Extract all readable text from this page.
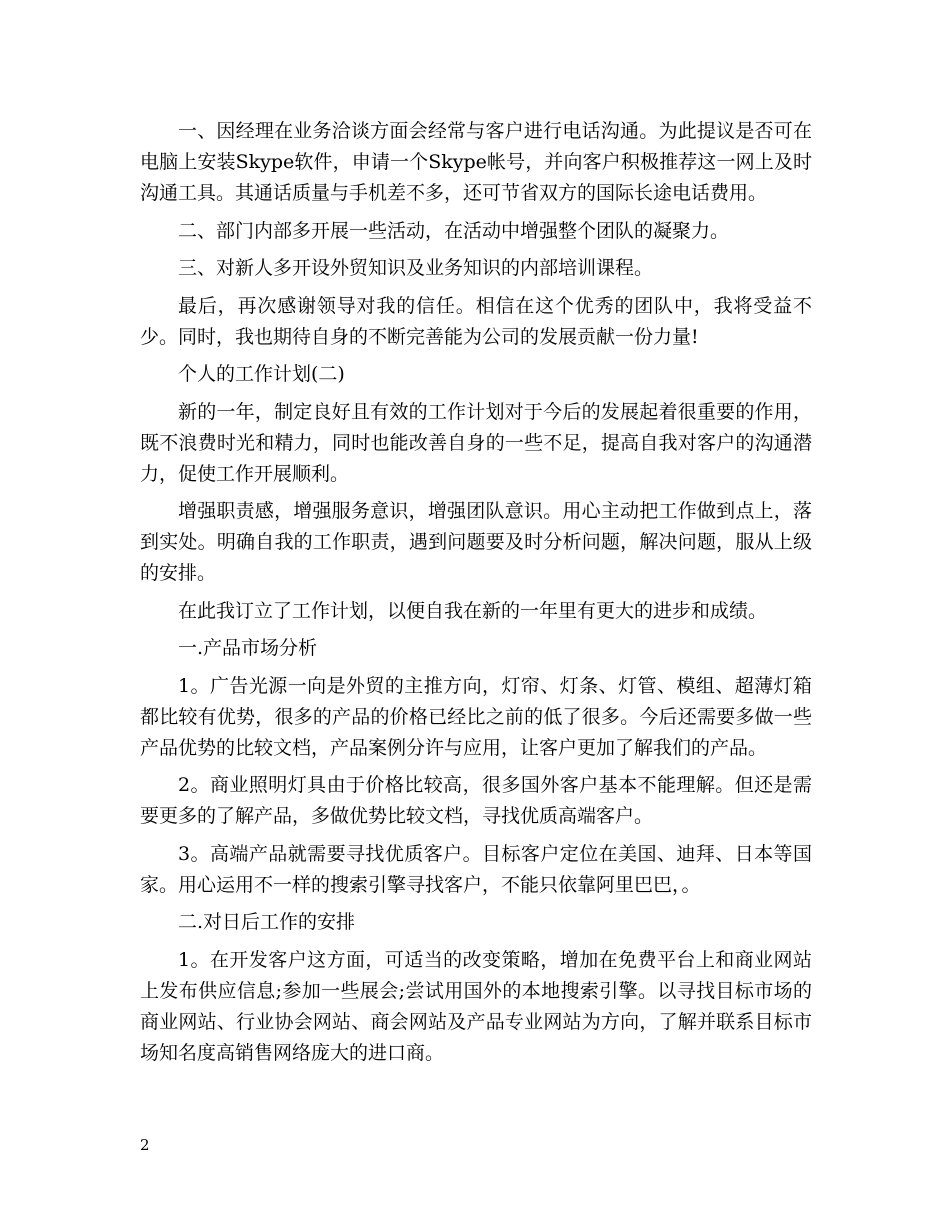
一、因经理在业务洽谈方面会经常与客户进行电话沟通。为此提议是否可在电脑上安装Skype软件，申请一个Skype帐号，并向客户积极推荐这一网上及时沟通工具。其通话质量与手机差不多，还可节省双方的国际长途电话费用。

二、部门内部多开展一些活动，在活动中增强整个团队的凝聚力。

三、对新人多开设外贸知识及业务知识的内部培训课程。

最后，再次感谢领导对我的信任。相信在这个优秀的团队中，我将受益不少。同时，我也期待自身的不断完善能为公司的发展贡献一份力量!

个人的工作计划(二)

新的一年，制定良好且有效的工作计划对于今后的发展起着很重要的作用，既不浪费时光和精力，同时也能改善自身的一些不足，提高自我对客户的沟通潜力，促使工作开展顺利。

增强职责感，增强服务意识，增强团队意识。用心主动把工作做到点上，落到实处。明确自我的工作职责，遇到问题要及时分析问题，解决问题，服从上级的安排。

在此我订立了工作计划，以便自我在新的一年里有更大的进步和成绩。

一.产品市场分析

1。广告光源一向是外贸的主推方向，灯帘、灯条、灯管、模组、超薄灯箱都比较有优势，很多的产品的价格已经比之前的低了很多。今后还需要多做一些产品优势的比较文档，产品案例分许与应用，让客户更加了解我们的产品。

2。商业照明灯具由于价格比较高，很多国外客户基本不能理解。但还是需要更多的了解产品，多做优势比较文档，寻找优质高端客户。

3。高端产品就需要寻找优质客户。目标客户定位在美国、迪拜、日本等国家。用心运用不一样的搜索引擎寻找客户，不能只依靠阿里巴巴，。

二.对日后工作的安排

1。在开发客户这方面，可适当的改变策略，增加在免费平台上和商业网站上发布供应信息;参加一些展会;尝试用国外的本地搜索引擎。以寻找目标市场的商业网站、行业协会网站、商会网站及产品专业网站为方向，了解并联系目标市场知名度高销售网络庞大的进口商。

2
